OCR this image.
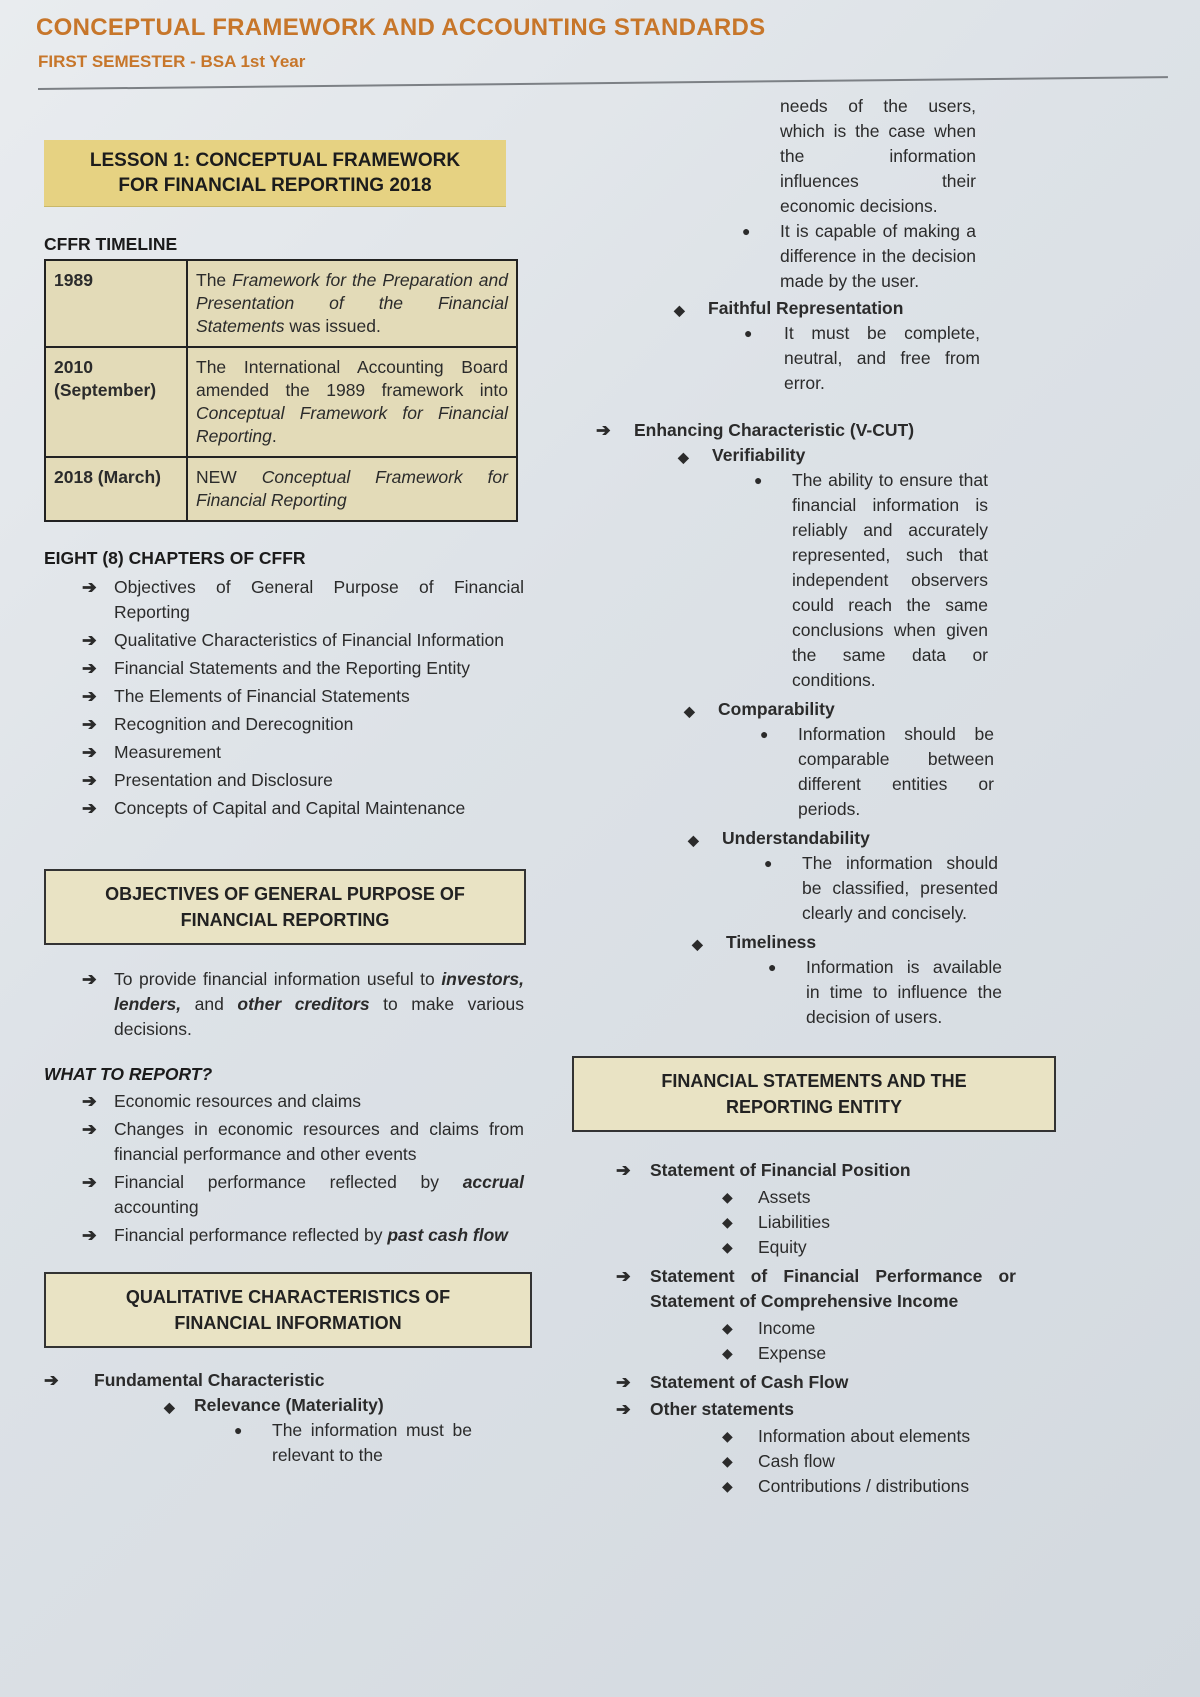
CONCEPTUAL FRAMEWORK AND ACCOUNTING STANDARDS
FIRST SEMESTER - BSA 1st Year
LESSON 1: CONCEPTUAL FRAMEWORK
FOR FINANCIAL REPORTING 2018
CFFR TIMELINE
1989	The Framework for the Preparation and Presentation of the Financial Statements was issued.
2010 (September)	The International Accounting Board amended the 1989 framework into Conceptual Framework for Financial Reporting.
2018 (March)	NEW Conceptual Framework for Financial Reporting
EIGHT (8) CHAPTERS OF CFFR
➔ Objectives of General Purpose of Financial Reporting
➔ Qualitative Characteristics of Financial Information
➔ Financial Statements and the Reporting Entity
➔ The Elements of Financial Statements
➔ Recognition and Derecognition
➔ Measurement
➔ Presentation and Disclosure
➔ Concepts of Capital and Capital Maintenance
OBJECTIVES OF GENERAL PURPOSE OF
FINANCIAL REPORTING
➔ To provide financial information useful to investors, lenders, and other creditors to make various decisions.
WHAT TO REPORT?
➔ Economic resources and claims
➔ Changes in economic resources and claims from financial performance and other events
➔ Financial performance reflected by accrual accounting
➔ Financial performance reflected by past cash flow
QUALITATIVE CHARACTERISTICS OF
FINANCIAL INFORMATION
➔ Fundamental Characteristic
◆ Relevance (Materiality)
● The information must be relevant to the
needs of the users, which is the case when the information influences their economic decisions.
● It is capable of making a difference in the decision made by the user.
◆ Faithful Representation
● It must be complete, neutral, and free from error.
➔ Enhancing Characteristic (V-CUT)
◆ Verifiability
● The ability to ensure that financial information is reliably and accurately represented, such that independent observers could reach the same conclusions when given the same data or conditions.
◆ Comparability
● Information should be comparable between different entities or periods.
◆ Understandability
● The information should be classified, presented clearly and concisely.
◆ Timeliness
● Information is available in time to influence the decision of users.
FINANCIAL STATEMENTS AND THE
REPORTING ENTITY
➔ Statement of Financial Position
◆ Assets
◆ Liabilities
◆ Equity
➔ Statement of Financial Performance or Statement of Comprehensive Income
◆ Income
◆ Expense
➔ Statement of Cash Flow
➔ Other statements
◆ Information about elements
◆ Cash flow
◆ Contributions / distributions
